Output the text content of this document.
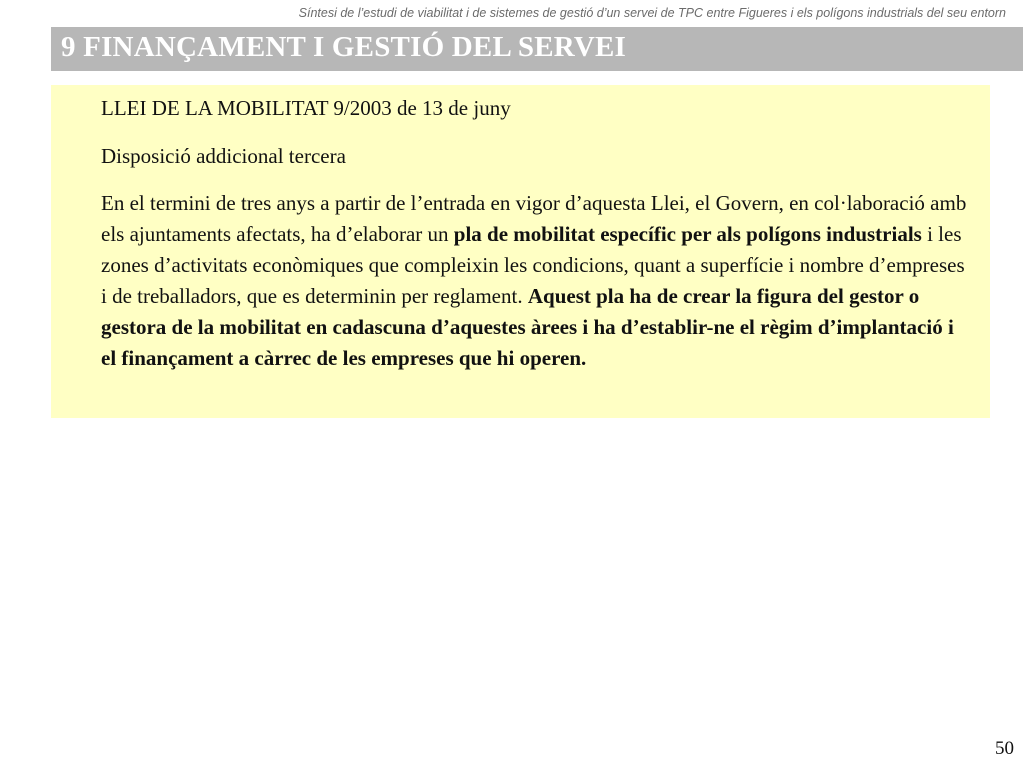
Síntesi de l’estudi de viabilitat i de sistemes de gestió d’un servei de TPC entre Figueres i els polígons industrials del seu entorn
9 FINANÇAMENT I GESTIÓ DEL SERVEI
LLEI DE LA MOBILITAT 9/2003 de 13 de juny
Disposició addicional tercera
En el termini de tres anys a partir de l’entrada en vigor d’aquesta Llei, el Govern, en col·laboració amb els ajuntaments afectats, ha d’elaborar un pla de mobilitat específic per als polígons industrials i les zones d’activitats econòmiques que compleixin les condicions, quant a superfície i nombre d’empreses i de treballadors, que es determinin per reglament. Aquest pla ha de crear la figura del gestor o gestora de la mobilitat en cadascuna d’aquestes àrees i ha d’establir-ne el règim d’implantació i el finançament a càrrec de les empreses que hi operen.
50
